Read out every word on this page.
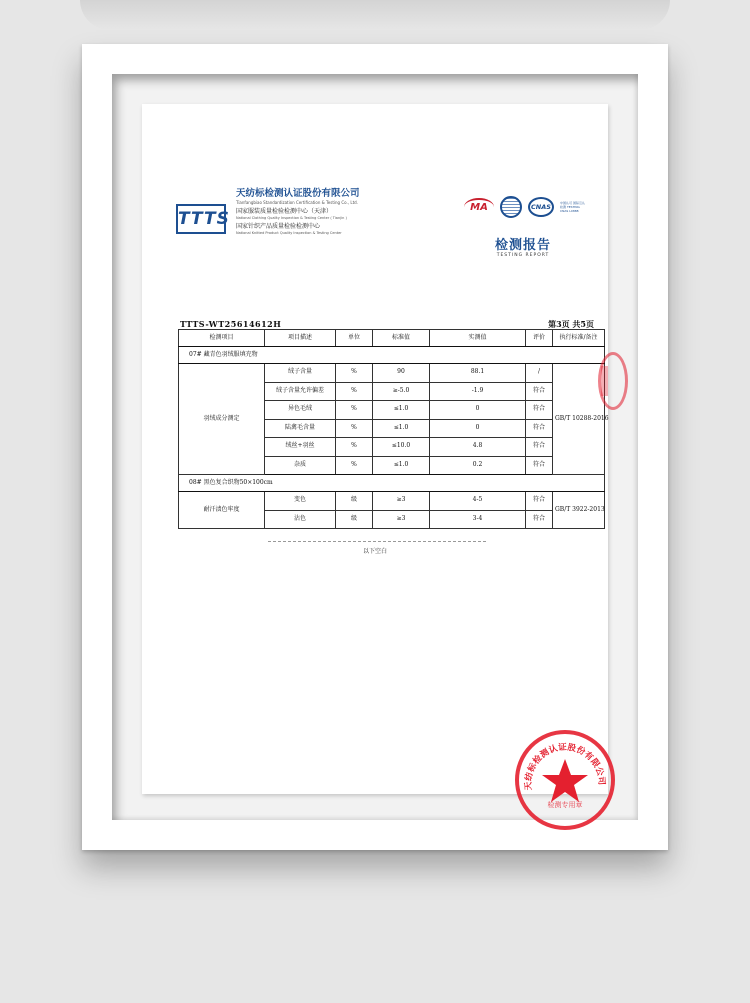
TTTS
天纺标检测认证股份有限公司
Tianfangbiao Standardization Certification & Testing Co., Ltd.
国家服装质量检验检测中心（天津）
National Clothing Quality Inspection & Testing Center ( Tianjin )
国家针织产品质量检验检测中心
National Knitted Product Quality Inspection & Testing Center
MA	CNAS	中国认可 国际互认 检测 TESTING CNAS L0888
检测报告
TESTING REPORT
TTTS-WT25614612H	第3页 共5页
检测项目	项目描述	单位	标准值	实测值	评价	执行标准/备注
07# 藏青色羽绒服填充物						
羽绒成分测定	绒子含量	%	90	88.1	/	GB/T 10288-2016
	绒子含量允许偏差	%	≥-5.0	-1.9	符合	
	异色毛绒	%	≤1.0	0	符合	
	陆禽毛含量	%	≤1.0	0	符合	
	绒丝+羽丝	%	≤10.0	4.8	符合	
	杂质	%	≤1.0	0.2	符合	
08# 黑色复合织物50×100cm						
耐汗渍色牢度	变色	级	≥3	4-5	符合	GB/T 3922-2013
	沾色	级	≥3	3-4	符合	
以下空白
天纺标检测认证股份有限公司
检测专用章
